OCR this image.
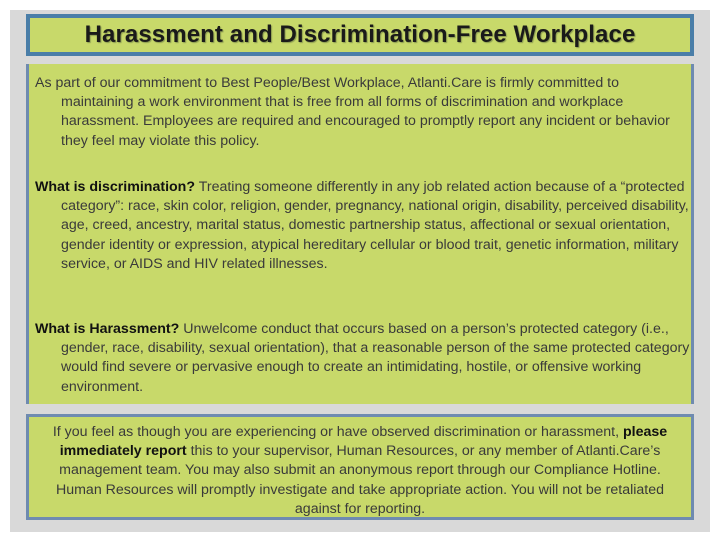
Harassment and Discrimination-Free Workplace

As part of our commitment to Best People/Best Workplace, Atlanti.Care is firmly committed to maintaining a work environment that is free from all forms of discrimination and workplace harassment. Employees are required and encouraged to promptly report any incident or behavior they feel may violate this policy.

What is discrimination? Treating someone differently in any job related action because of a “protected category”: race, skin color, religion, gender, pregnancy, national origin, disability, perceived disability, age, creed, ancestry, marital status, domestic partnership status, affectional or sexual orientation, gender identity or expression, atypical hereditary cellular or blood trait, genetic information, military service, or AIDS and HIV related illnesses.

What is Harassment? Unwelcome conduct that occurs based on a person’s protected category (i.e., gender, race, disability, sexual orientation), that a reasonable person of the same protected category would find severe or pervasive enough to create an intimidating, hostile, or offensive working environment.

If you feel as though you are experiencing or have observed discrimination or harassment, please immediately report this to your supervisor, Human Resources, or any member of Atlanti.Care’s management team. You may also submit an anonymous report through our Compliance Hotline. Human Resources will promptly investigate and take appropriate action. You will not be retaliated against for reporting.
